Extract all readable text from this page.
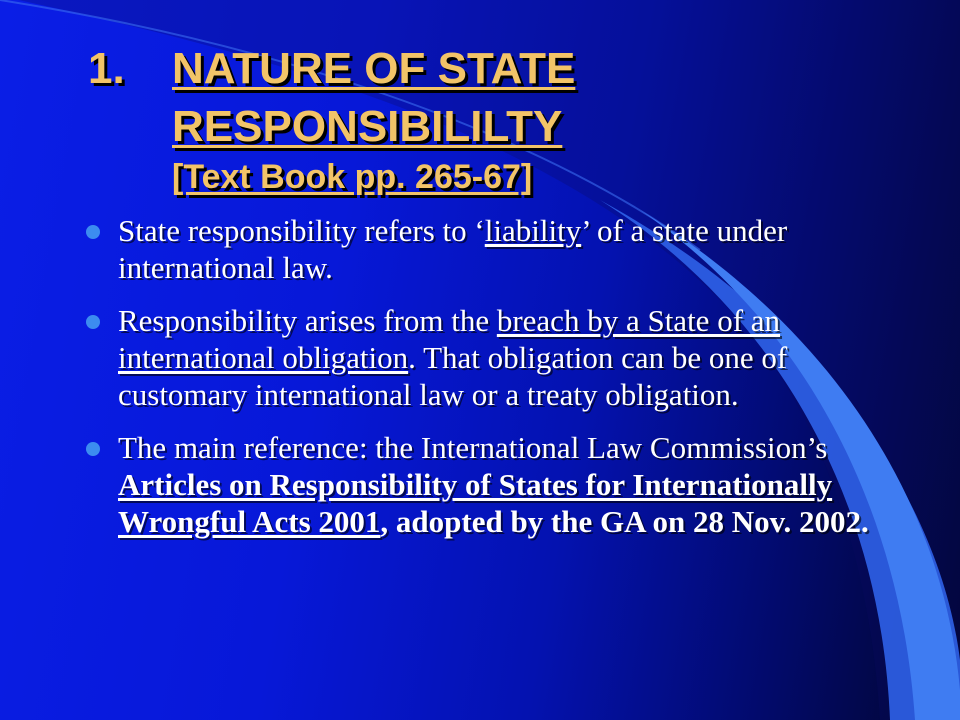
1.	NATURE OF STATE
RESPONSIBILILTY
[Text Book pp. 265-67]
State responsibility refers to ‘liability’ of a state under international law.
Responsibility arises from the breach by a State of an international obligation. That obligation can be one of customary international law or a treaty obligation.
The main reference: the International Law Commission’s Articles on Responsibility of States for Internationally Wrongful Acts 2001, adopted by the GA on 28 Nov. 2002.
